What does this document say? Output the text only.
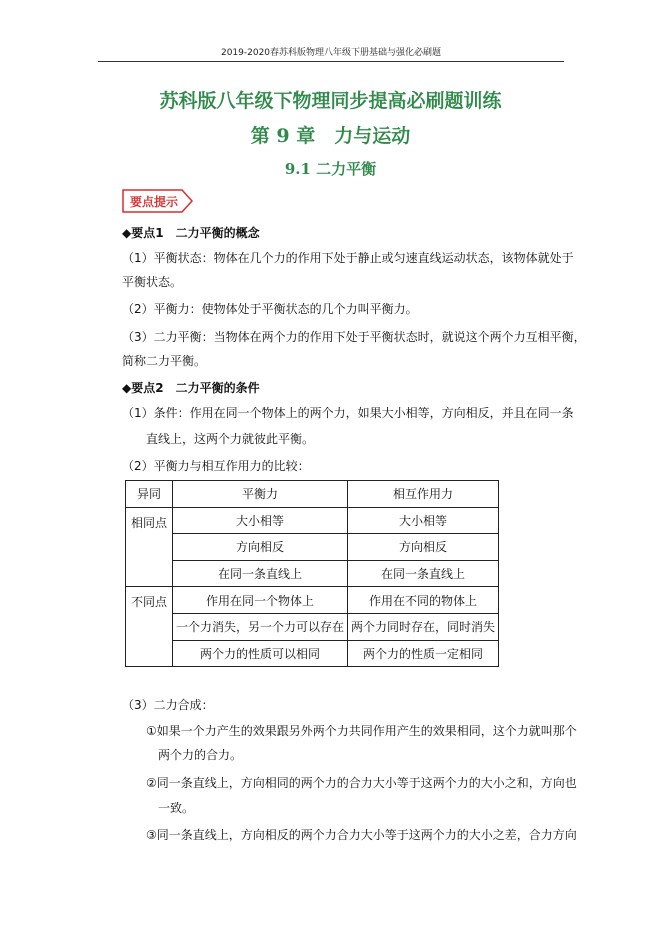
2019-2020春苏科版物理八年级下册基础与强化必刷题
苏科版八年级下物理同步提高必刷题训练
第 9 章　力与运动
9.1 二力平衡
要点提示
◆要点1　二力平衡的概念
（1）平衡状态：物体在几个力的作用下处于静止或匀速直线运动状态，该物体就处于
平衡状态。
（2）平衡力：使物体处于平衡状态的几个力叫平衡力。
（3）二力平衡：当物体在两个力的作用下处于平衡状态时，就说这个两个力互相平衡，
简称二力平衡。
◆要点2　二力平衡的条件
（1）条件：作用在同一个物体上的两个力，如果大小相等，方向相反，并且在同一条
直线上，这两个力就彼此平衡。
（2）平衡力与相互作用力的比较：
异同	平衡力	相互作用力
相同点	大小相等	大小相等
	方向相反	方向相反
	在同一条直线上	在同一条直线上
不同点	作用在同一个物体上	作用在不同的物体上
	一个力消失，另一个力可以存在	两个力同时存在，同时消失
	两个力的性质可以相同	两个力的性质一定相同
（3）二力合成：
①如果一个力产生的效果跟另外两个力共同作用产生的效果相同，这个力就叫那个
两个力的合力。
②同一条直线上，方向相同的两个力的合力大小等于这两个力的大小之和，方向也
一致。
③同一条直线上，方向相反的两个力合力大小等于这两个力的大小之差，合力方向
